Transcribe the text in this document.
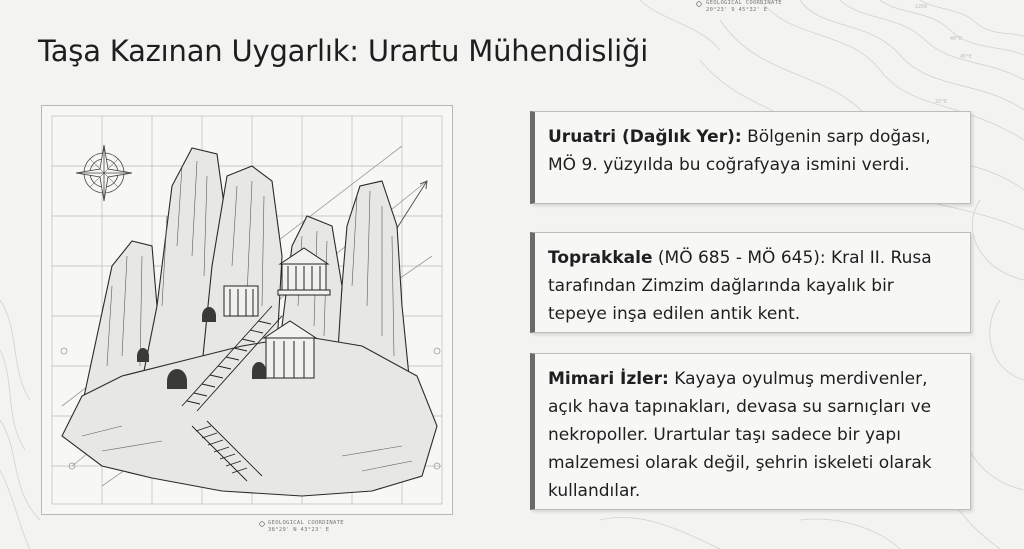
1260
40°E
45°E
32°E
Taşa Kazınan Uygarlık: Urartu Mühendisliği
GEOLOGICAL COORDINATE
38°29' N 43°23' E
GEOLOGICAL COORDINATE
20°23' 9 45°32' E
Uruatri (Dağlık Yer): Bölgenin sarp doğası, MÖ 9. yüzyılda bu coğrafyaya ismini verdi.
Toprakkale (MÖ 685 - MÖ 645): Kral II. Rusa tarafından Zimzim dağlarında kayalık bir tepeye inşa edilen antik kent.
Mimari İzler: Kayaya oyulmuş merdivenler, açık hava tapınakları, devasa su sarnıçları ve nekropoller. Urartular taşı sadece bir yapı malzemesi olarak değil, şehrin iskeleti olarak kullandılar.
